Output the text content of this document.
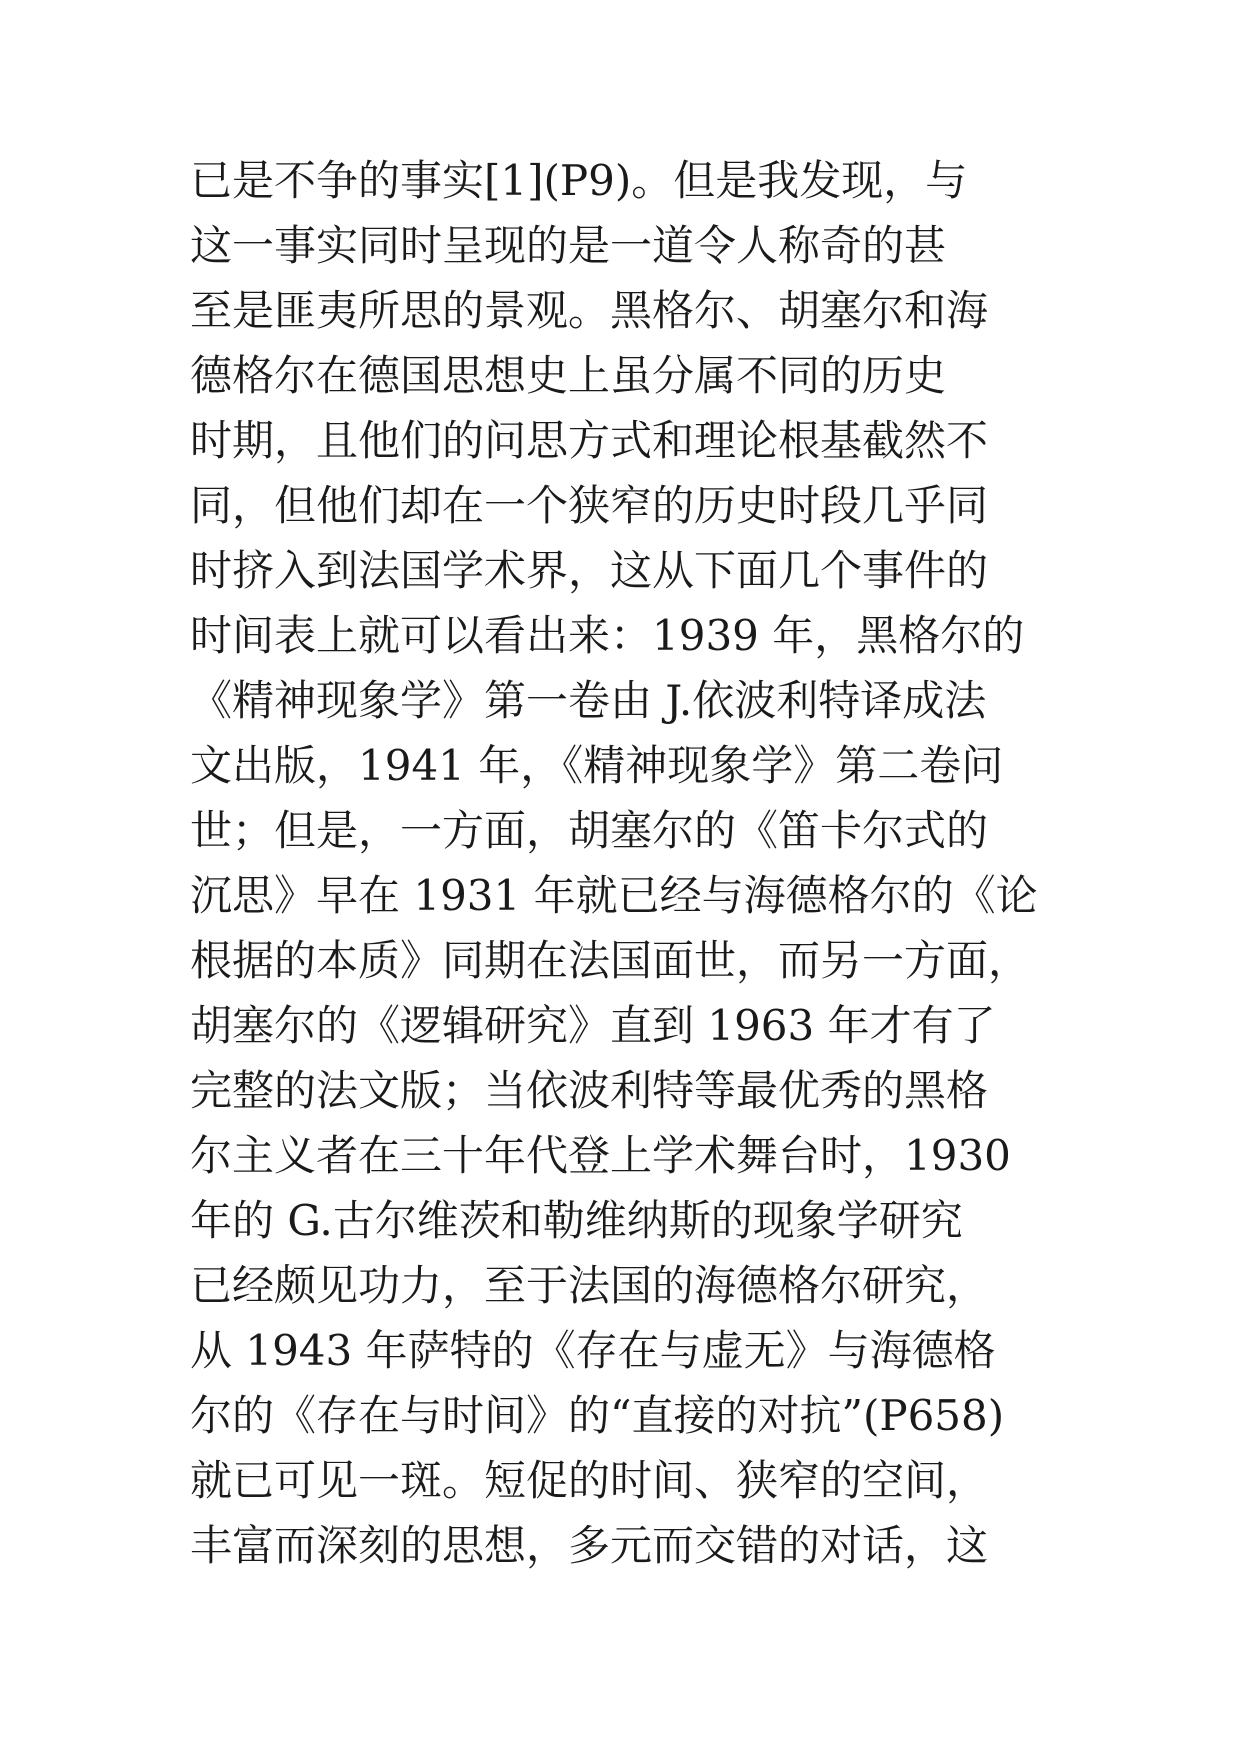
已是不争的事实[1](P9)。但是我发现，与
这一事实同时呈现的是一道令人称奇的甚
至是匪夷所思的景观。黑格尔、胡塞尔和海
德格尔在德国思想史上虽分属不同的历史
时期，且他们的问思方式和理论根基截然不
同，但他们却在一个狭窄的历史时段几乎同
时挤入到法国学术界，这从下面几个事件的
时间表上就可以看出来：1939 年，黑格尔的
《精神现象学》第一卷由 J.依波利特译成法
文出版，1941 年，《精神现象学》第二卷问
世；但是，一方面，胡塞尔的《笛卡尔式的
沉思》早在 1931 年就已经与海德格尔的《论
根据的本质》同期在法国面世，而另一方面，
胡塞尔的《逻辑研究》直到 1963 年才有了
完整的法文版；当依波利特等最优秀的黑格
尔主义者在三十年代登上学术舞台时，1930
年的 G.古尔维茨和勒维纳斯的现象学研究
已经颇见功力，至于法国的海德格尔研究，
从 1943 年萨特的《存在与虚无》与海德格
尔的《存在与时间》的“直接的对抗”(P658)
就已可见一斑。短促的时间、狭窄的空间，
丰富而深刻的思想，多元而交错的对话，这
